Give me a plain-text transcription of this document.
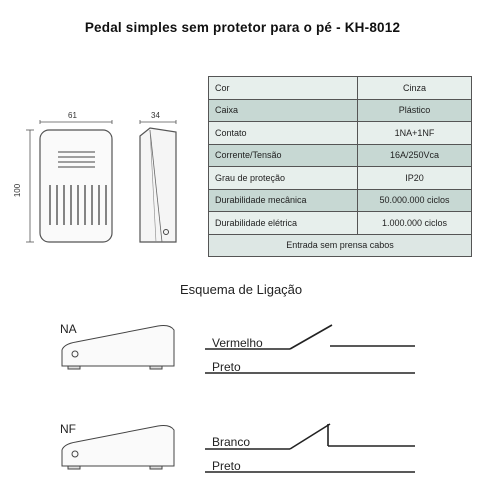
Pedal simples sem protetor para o pé - KH-8012
61	34
100
Cor	Cinza
Caixa	Plástico
Contato	1NA+1NF
Corrente/Tensão	16A/250Vca
Grau de proteção	IP20
Durabilidade mecânica	50.000.000 ciclos
Durabilidade elétrica	1.000.000 ciclos
Entrada sem prensa cabos	
Esquema de Ligação
NA
Vermelho
Preto
NF
Branco
Preto
